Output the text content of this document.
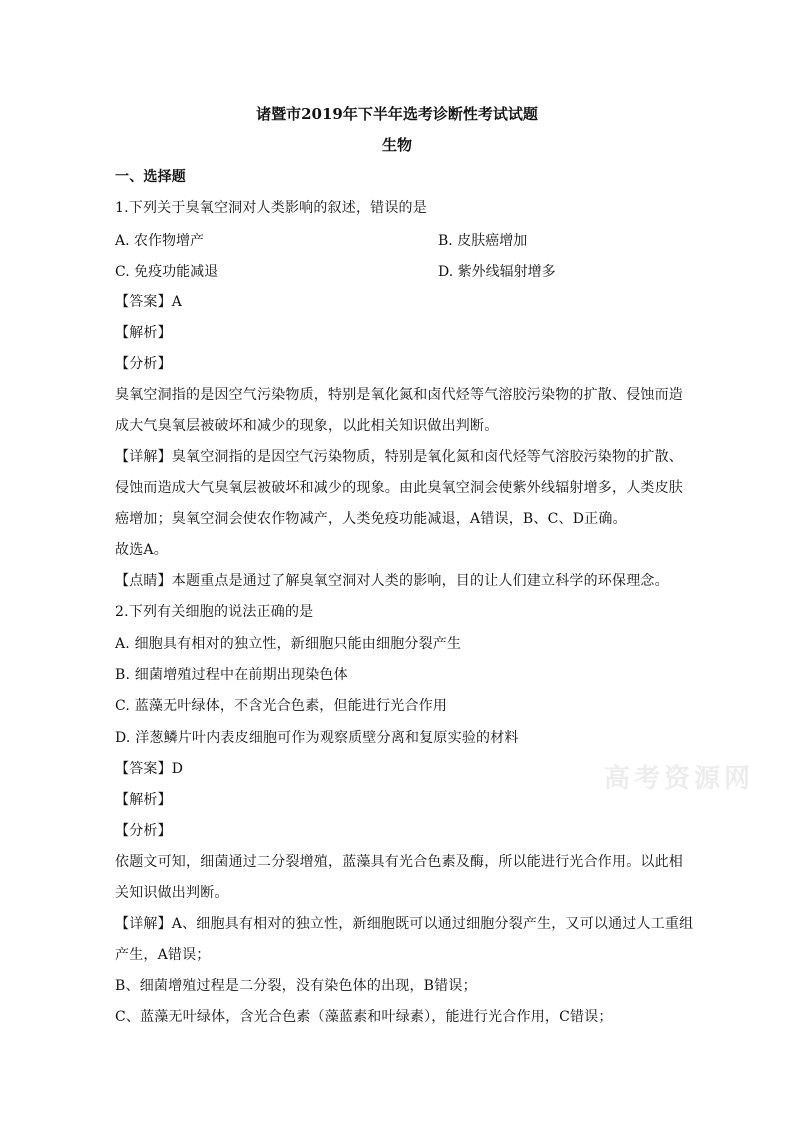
诸暨市2019年下半年选考诊断性考试试题
生物
一、选择题
1.下列关于臭氧空洞对人类影响的叙述，错误的是
A. 农作物增产	B. 皮肤癌增加
C. 免疫功能减退	D. 紫外线辐射增多
【答案】A
【解析】
【分析】
臭氧空洞指的是因空气污染物质，特别是氧化氮和卤代烃等气溶胶污染物的扩散、侵蚀而造
成大气臭氧层被破坏和减少的现象，以此相关知识做出判断。
【详解】臭氧空洞指的是因空气污染物质，特别是氧化氮和卤代烃等气溶胶污染物的扩散、
侵蚀而造成大气臭氧层被破坏和减少的现象。由此臭氧空洞会使紫外线辐射增多，人类皮肤
癌增加；臭氧空洞会使农作物减产，人类免疫功能减退，A错误，B、C、D正确。
故选A。
【点睛】本题重点是通过了解臭氧空洞对人类的影响，目的让人们建立科学的环保理念。
2.下列有关细胞的说法正确的是
A. 细胞具有相对的独立性，新细胞只能由细胞分裂产生
B. 细菌增殖过程中在前期出现染色体
C. 蓝藻无叶绿体，不含光合色素，但能进行光合作用
D. 洋葱鳞片叶内表皮细胞可作为观察质壁分离和复原实验的材料
【答案】D
【解析】
【分析】
依题文可知，细菌通过二分裂增殖，蓝藻具有光合色素及酶，所以能进行光合作用。以此相
关知识做出判断。
【详解】A、细胞具有相对的独立性，新细胞既可以通过细胞分裂产生，又可以通过人工重组
产生，A错误；
B、细菌增殖过程是二分裂，没有染色体的出现，B错误；
C、蓝藻无叶绿体，含光合色素（藻蓝素和叶绿素），能进行光合作用，C错误；
高考资源网
